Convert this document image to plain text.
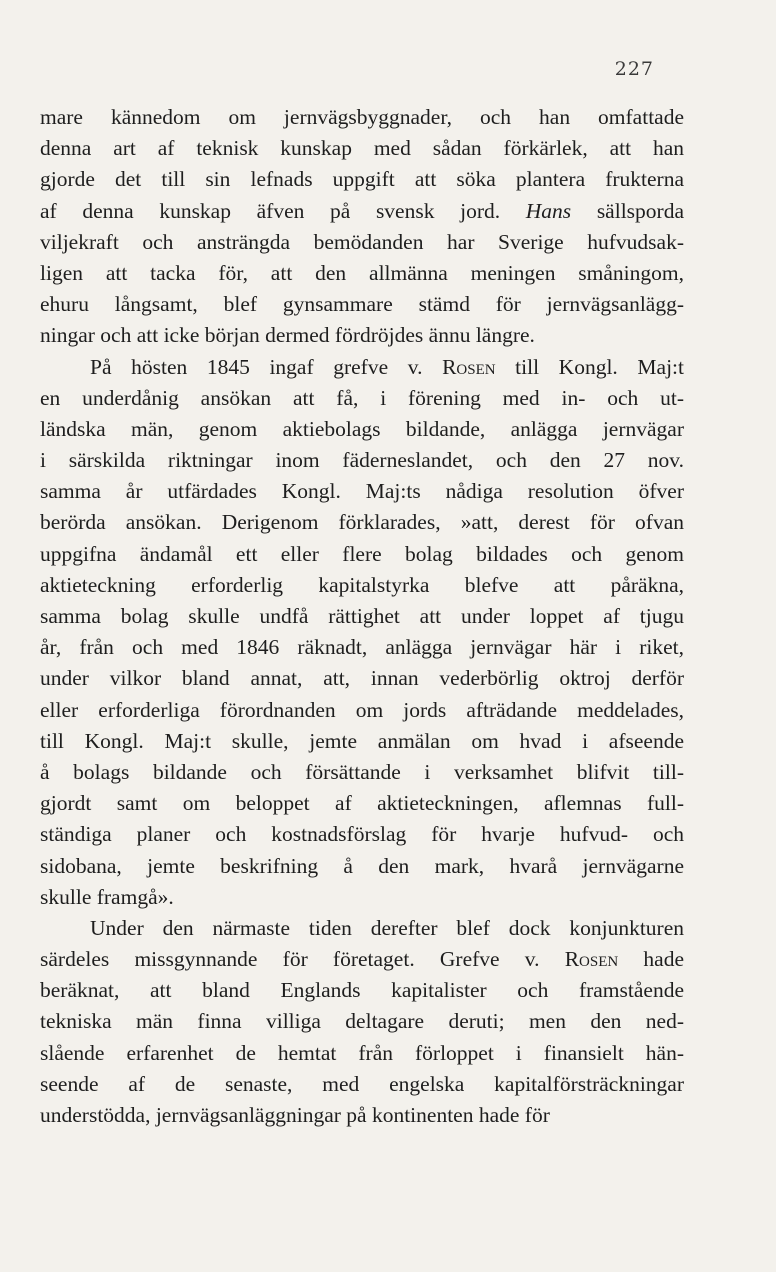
227
mare kännedom om jernvägsbyggnader, och han omfattade
denna art af teknisk kunskap med sådan förkärlek, att han
gjorde det till sin lefnads uppgift att söka plantera frukterna
af denna kunskap äfven på svensk jord. Hans sällsporda
viljekraft och ansträngda bemödanden har Sverige hufvudsak-
ligen att tacka för, att den allmänna meningen småningom,
ehuru långsamt, blef gynsammare stämd för jernvägsanlägg-
ningar och att icke början dermed fördröjdes ännu längre.
På hösten 1845 ingaf grefve v. Rosen till Kongl. Maj:t
en underdånig ansökan att få, i förening med in- och ut-
ländska män, genom aktiebolags bildande, anlägga jernvägar
i särskilda riktningar inom fäderneslandet, och den 27 nov.
samma år utfärdades Kongl. Maj:ts nådiga resolution öfver
berörda ansökan. Derigenom förklarades, »att, derest för ofvan
uppgifna ändamål ett eller flere bolag bildades och genom
aktieteckning erforderlig kapitalstyrka blefve att påräkna,
samma bolag skulle undfå rättighet att under loppet af tjugu
år, från och med 1846 räknadt, anlägga jernvägar här i riket,
under vilkor bland annat, att, innan vederbörlig oktroj derför
eller erforderliga förordnanden om jords afträdande meddelades,
till Kongl. Maj:t skulle, jemte anmälan om hvad i afseende
å bolags bildande och försättande i verksamhet blifvit till-
gjordt samt om beloppet af aktieteckningen, aflemnas full-
ständiga planer och kostnadsförslag för hvarje hufvud- och
sidobana, jemte beskrifning å den mark, hvarå jernvägarne
skulle framgå».
Under den närmaste tiden derefter blef dock konjunkturen
särdeles missgynnande för företaget. Grefve v. Rosen hade
beräknat, att bland Englands kapitalister och framstående
tekniska män finna villiga deltagare deruti; men den ned-
slående erfarenhet de hemtat från förloppet i finansielt hän-
seende af de senaste, med engelska kapitalförsträckningar
understödda, jernvägsanläggningar på kontinenten hade för
